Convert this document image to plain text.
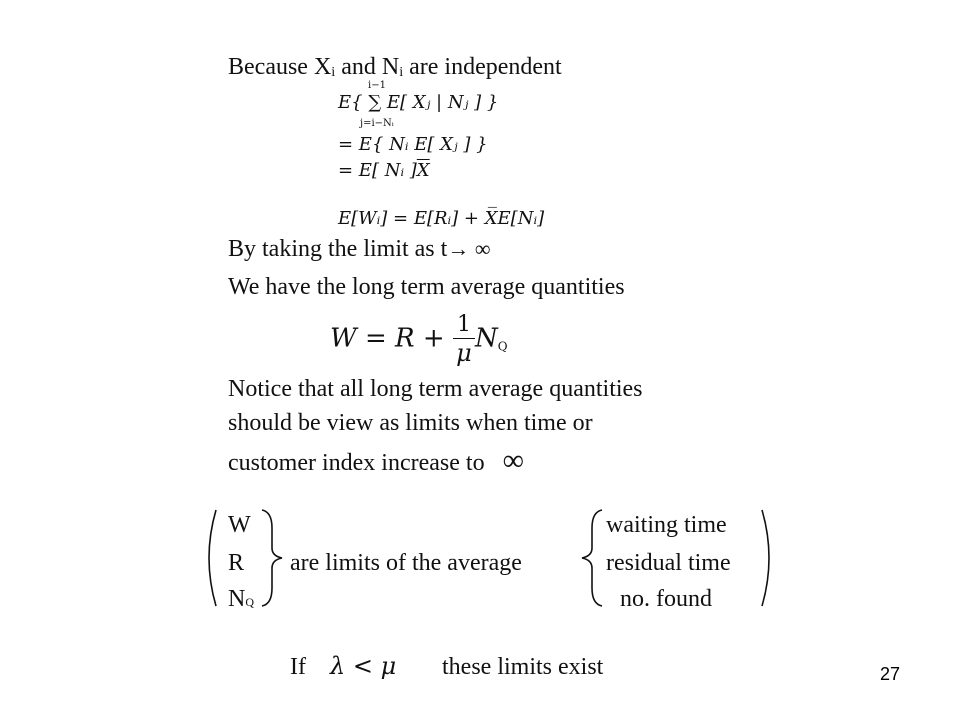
Because Xᵢ and Nᵢ are independent
E{ ∑ E[ Xⱼ | Nⱼ ] }
i−1
j=i−Nᵢ
= E{ Nᵢ E[ Xⱼ ] }
= E[ Nᵢ ]$\overline{X}$
E[Wᵢ] = E[Rᵢ] + X̅E[Nᵢ]
By taking the limit as t→ ∞
We have the long term average quantities
$W = R + \frac{1}{\mu} N_Q$
Notice that all long term average quantities
should be view as limits when time or
customer index increase to ∞
W
R
NQ
are limits of the average
waiting time
residual time
no. found
If λ < μ these limits exist	27
